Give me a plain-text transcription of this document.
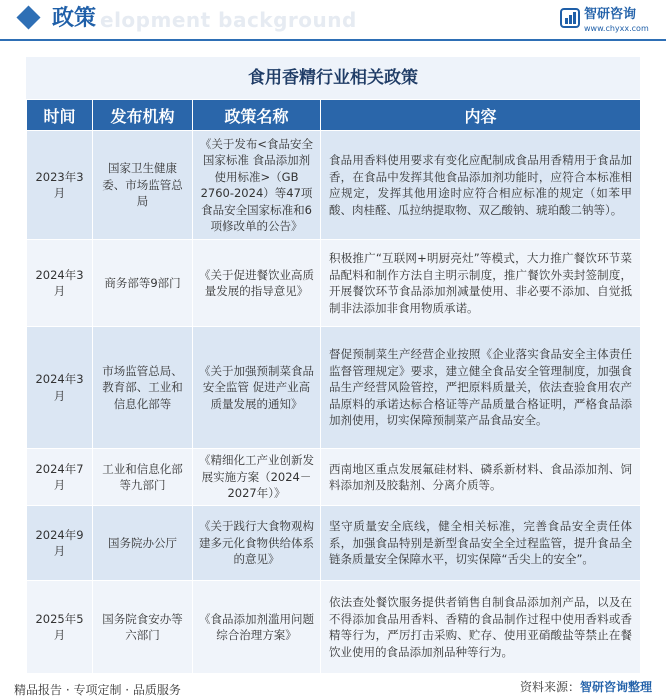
elopment background
政策	智研咨询
www.chyxx.com
食用香精行业相关政策
时间	发布机构	政策名称	内容
2023年3月	国家卫生健康委、市场监管总局	《关于发布<食品安全国家标准 食品添加剂使用标准>（GB 2760-2024）等47项食品安全国家标准和6项修改单的公告》	食品用香料使用要求有变化应配制成食品用香精用于食品加香，在食品中发挥其他食品添加剂功能时，应符合本标准相应规定，发挥其他用途时应符合相应标准的规定（如苯甲酸、肉桂醛、瓜拉纳提取物、双乙酸钠、琥珀酸二钠等）。
2024年3月	商务部等9部门	《关于促进餐饮业高质量发展的指导意见》	积极推广“互联网+明厨亮灶”等模式，大力推广餐饮环节菜品配料和制作方法自主明示制度，推广餐饮外卖封签制度，开展餐饮环节食品添加剂减量使用、非必要不添加、自觉抵制非法添加非食用物质承诺。
2024年3月	市场监管总局、教育部、工业和信息化部等	《关于加强预制菜食品安全监管 促进产业高质量发展的通知》	督促预制菜生产经营企业按照《企业落实食品安全主体责任监督管理规定》要求，建立健全食品安全管理制度，加强食品生产经营风险管控，严把原料质量关，依法查验食用农产品原料的承诺达标合格证等产品质量合格证明，严格食品添加剂使用，切实保障预制菜产品食品安全。
2024年7月	工业和信息化部等九部门	《精细化工产业创新发展实施方案（2024－2027年）》	西南地区重点发展氟硅材料、磷系新材料、食品添加剂、饲料添加剂及胶黏剂、分离介质等。
2024年9月	国务院办公厅	《关于践行大食物观构建多元化食物供给体系的意见》	坚守质量安全底线，健全相关标准，完善食品安全责任体系，加强食品特别是新型食品安全全过程监管，提升食品全链条质量安全保障水平，切实保障“舌尖上的安全”。
2025年5月	国务院食安办等六部门	《食品添加剂滥用问题综合治理方案》	依法查处餐饮服务提供者销售自制食品添加剂产品，以及在不得添加食品用香料、香精的食品制作过程中使用香料或香精等行为，严厉打击采购、贮存、使用亚硝酸盐等禁止在餐饮业使用的食品添加剂品种等行为。
精品报告 · 专项定制 · 品质服务	资料来源：智研咨询整理
